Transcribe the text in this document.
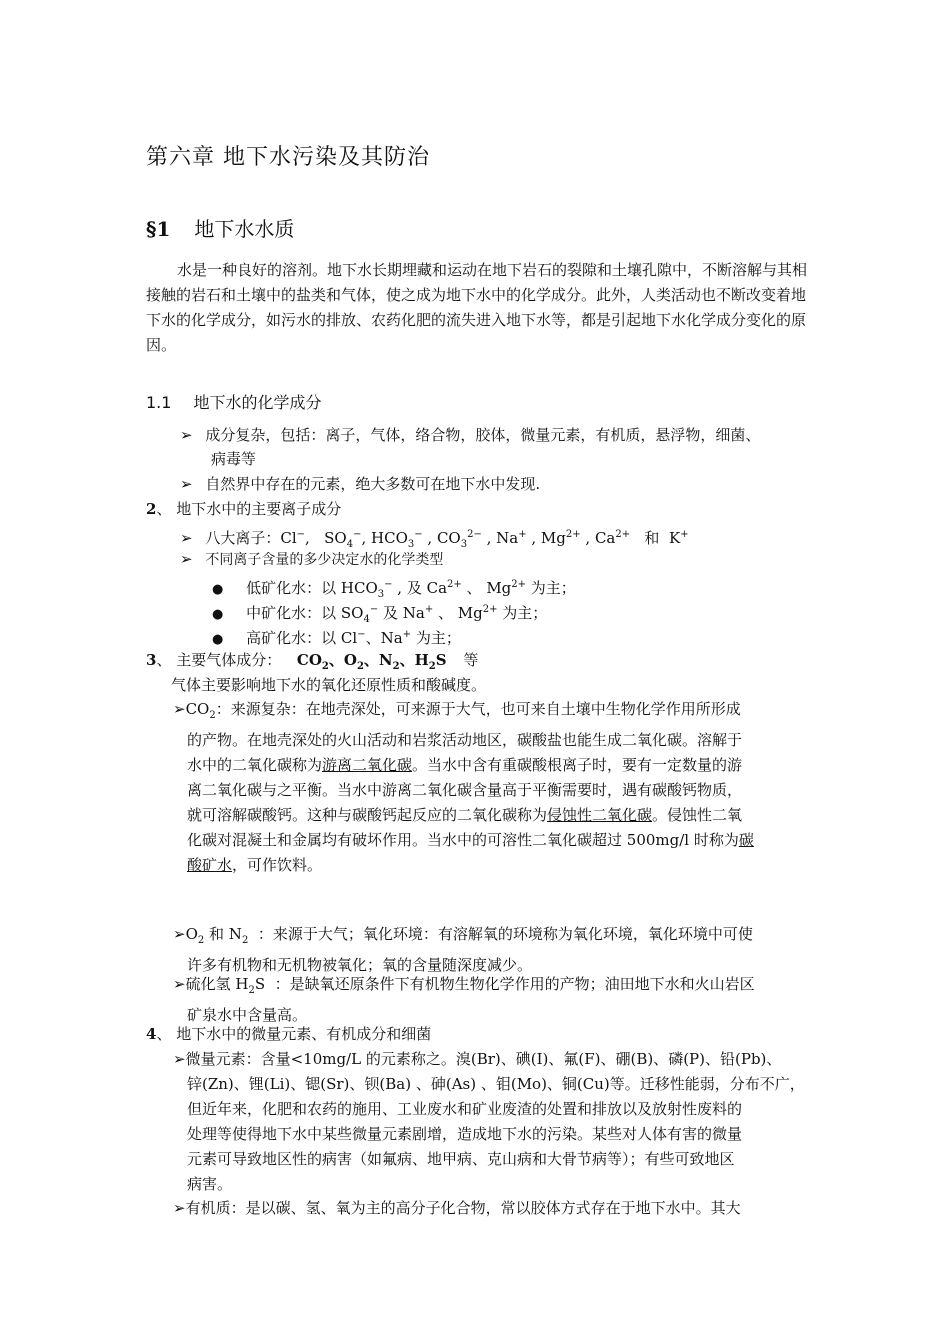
第六章 地下水污染及其防治
§1 地下水水质
水是一种良好的溶剂。地下水长期埋藏和运动在地下岩石的裂隙和土壤孔隙中，不断溶解与其相接触的岩石和土壤中的盐类和气体，使之成为地下水中的化学成分。此外，人类活动也不断改变着地下水的化学成分，如污水的排放、农药化肥的流失进入地下水等，都是引起地下水化学成分变化的原因。
1.1 地下水的化学成分
➢ 成分复杂，包括：离子，气体，络合物，胶体，微量元素，有机质，悬浮物，细菌、
病毒等
➢ 自然界中存在的元素，绝大多数可在地下水中发现.
2、 地下水中的主要离子成分
➢ 八大离子：Cl−,   $SO_4^-$, $HCO_3^-$ , $CO_3^{2-}$ , Na+ , $Mg^{2+}$ , $Ca^{2+}$   和  K+
➢ 不同离子含量的多少决定水的化学类型
● 低矿化水：以 $HCO_3^-$ , 及 $Ca^{2+}$ 、 $Mg^{2+}$ 为主；
● 中矿化水：以 $SO_4^-$ 及 Na+ 、 $Mg^{2+}$ 为主；
● 高矿化水：以 Cl−、Na+ 为主；
3、 主要气体成分：   $CO_2$、$O_2$、$N_2$、$H_2S$ 等
气体主要影响地下水的氧化还原性质和酸碱度。
➢ $CO_2$：来源复杂：在地壳深处，可来源于大气，也可来自土壤中生物化学作用所形成
的产物。在地壳深处的火山活动和岩浆活动地区，碳酸盐也能生成二氧化碳。溶解于
水中的二氧化碳称为游离二氧化碳。当水中含有重碳酸根离子时，要有一定数量的游
离二氧化碳与之平衡。当水中游离二氧化碳含量高于平衡需要时，遇有碳酸钙物质，
就可溶解碳酸钙。这种与碳酸钙起反应的二氧化碳称为侵蚀性二氧化碳。侵蚀性二氧
化碳对混凝土和金属均有破坏作用。当水中的可溶性二氧化碳超过 500mg/l 时称为碳
酸矿水，可作饮料。
➢ $O_2$ 和 $N_2$ ：来源于大气；氧化环境：有溶解氧的环境称为氧化环境，氧化环境中可使
许多有机物和无机物被氧化；氧的含量随深度减少。
➢ 硫化氢 $H_2S$  ：是缺氧还原条件下有机物生物化学作用的产物；油田地下水和火山岩区
矿泉水中含量高。
4、 地下水中的微量元素、有机成分和细菌
➢ 微量元素：含量<10mg/L 的元素称之。溴(Br)、碘(I)、氟(F)、硼(B)、磷(P)、铅(Pb)、
锌(Zn)、锂(Li)、锶(Sr)、钡(Ba) 、砷(As) 、钼(Mo)、铜(Cu)等。迁移性能弱，分布不广，
但近年来，化肥和农药的施用、工业废水和矿业废渣的处置和排放以及放射性废料的
处理等使得地下水中某些微量元素剧增，造成地下水的污染。某些对人体有害的微量
元素可导致地区性的病害（如氟病、地甲病、克山病和大骨节病等）；有些可致地区
病害。
➢ 有机质：是以碳、氢、氧为主的高分子化合物，常以胶体方式存在于地下水中。其大
